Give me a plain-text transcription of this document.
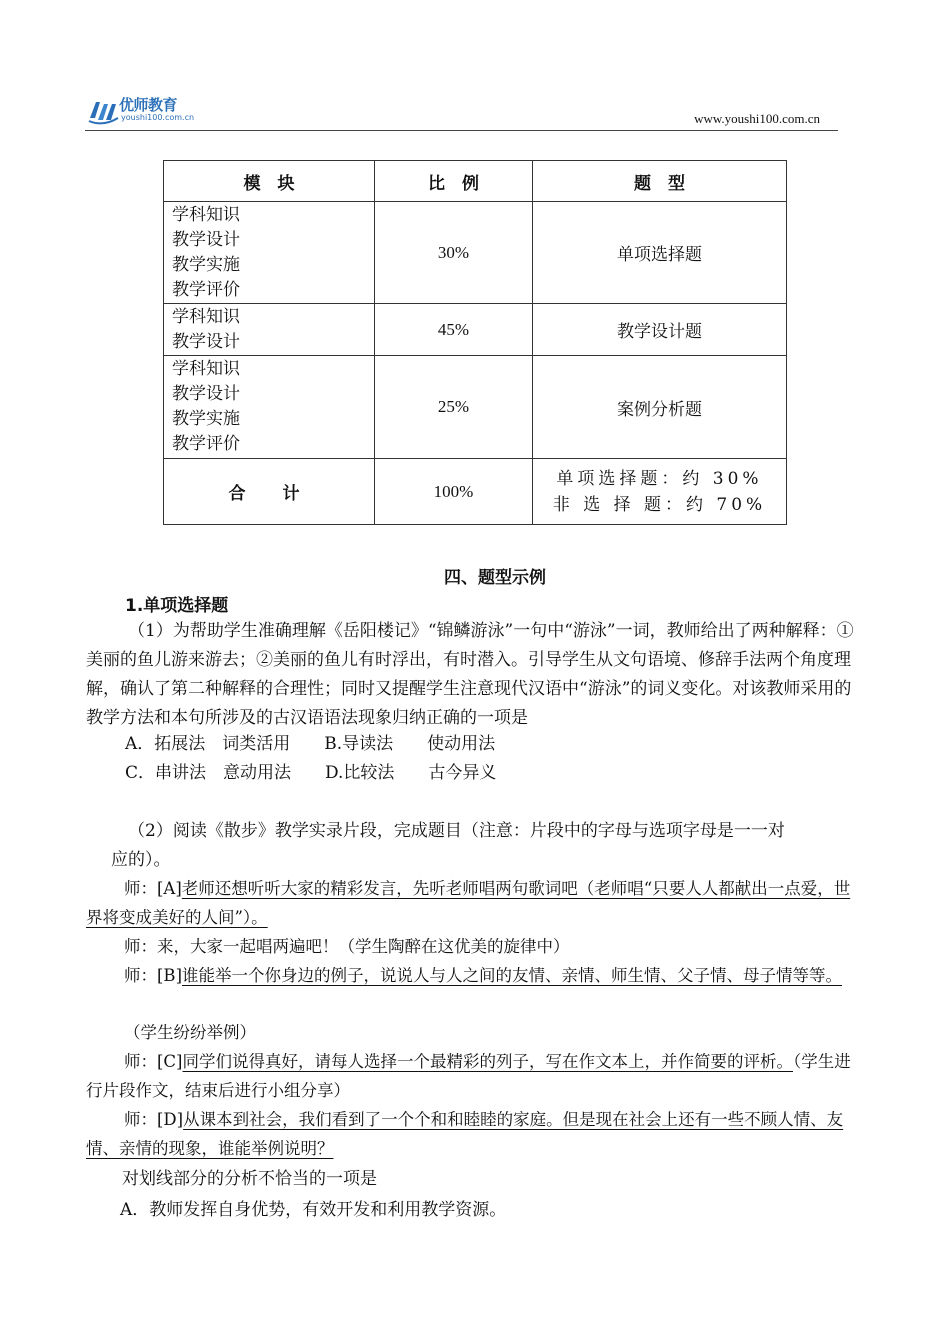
优师教育
youshi100.com.cn	www.youshi100.com.cn
模　块	比　例	题　型

学科知识
教学设计
教学实施
教学评价	30%	单项选择题

学科知识
教学设计	45%	教学设计题

学科知识
教学设计
教学实施
教学评价	25%	案例分析题
合　计	100%	单项选择题：约 30%
非 选 择 题：约 70%
四、题型示例
1.单项选择题
（1）为帮助学生准确理解《岳阳楼记》“锦鳞游泳”一句中“游泳”一词，教师给出了两种解释：①美丽的鱼儿游来游去；②美丽的鱼儿有时浮出，有时潜入。引导学生从文句语境、修辞手法两个角度理解，确认了第二种解释的合理性；同时又提醒学生注意现代汉语中“游泳”的词义变化。对该教师采用的教学方法和本句所涉及的古汉语语法现象归纳正确的一项是
A．拓展法　词类活用　　B.导读法　　使动用法
C．串讲法　意动用法　　D.比较法　　古今异义
（2）阅读《散步》教学实录片段，完成题目（注意：片段中的字母与选项字母是一一对
应的）。
师：[A]老师还想听听大家的精彩发言，先听老师唱两句歌词吧（老师唱“只要人人都献出一点爱，世界将变成美好的人间”）。
师：来，大家一起唱两遍吧！（学生陶醉在这优美的旋律中）
师：[B]谁能举一个你身边的例子，说说人与人之间的友情、亲情、师生情、父子情、母子情等等。
（学生纷纷举例）
师：[C]同学们说得真好，请每人选择一个最精彩的列子，写在作文本上，并作简要的评析。（学生进行片段作文，结束后进行小组分享）
师：[D]从课本到社会，我们看到了一个个和和睦睦的家庭。但是现在社会上还有一些不顾人情、友情、亲情的现象，谁能举例说明？
对划线部分的分析不恰当的一项是
A．教师发挥自身优势，有效开发和利用教学资源。
